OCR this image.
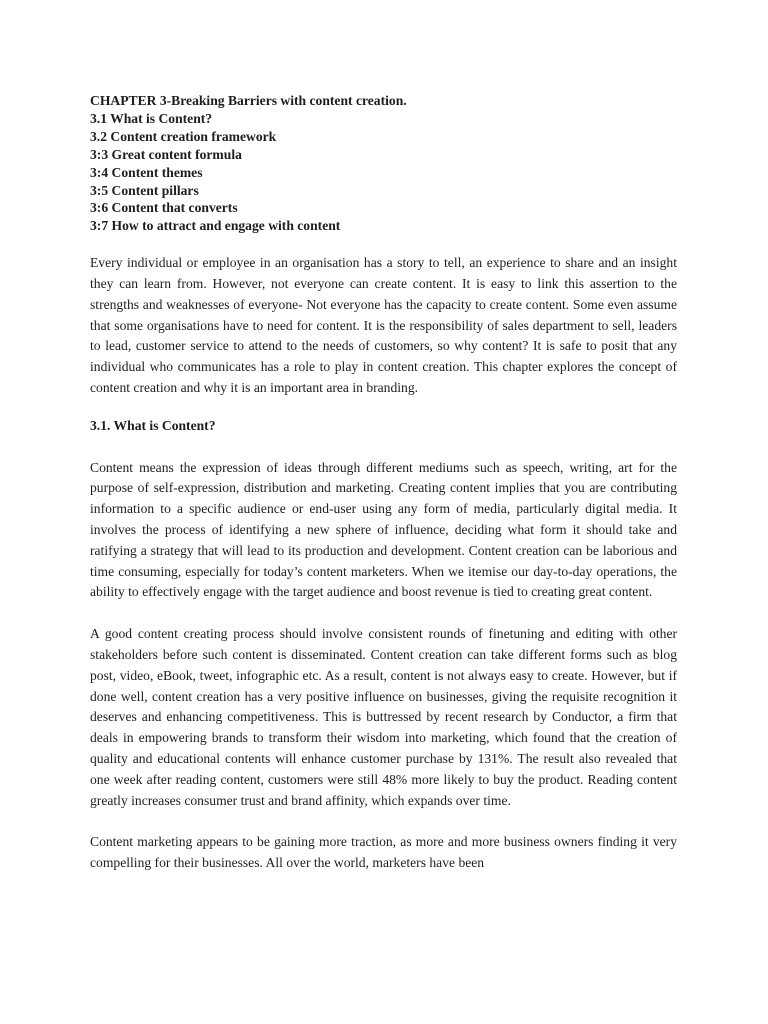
CHAPTER 3-Breaking Barriers with content creation.
3.1 What is Content?
3.2 Content creation framework
3:3 Great content formula
3:4 Content themes
3:5 Content pillars
3:6 Content that converts
3:7 How to attract and engage with content

Every individual or employee in an organisation has a story to tell, an experience to share and an insight they can learn from. However, not everyone can create content. It is easy to link this assertion to the strengths and weaknesses of everyone- Not everyone has the capacity to create content. Some even assume that some organisations have to need for content. It is the responsibility of sales department to sell, leaders to lead, customer service to attend to the needs of customers, so why content? It is safe to posit that any individual who communicates has a role to play in content creation. This chapter explores the concept of content creation and why it is an important area in branding.

3.1. What is Content?

Content means the expression of ideas through different mediums such as speech, writing, art for the purpose of self-expression, distribution and marketing. Creating content implies that you are contributing information to a specific audience or end-user using any form of media, particularly digital media. It involves the process of identifying a new sphere of influence, deciding what form it should take and ratifying a strategy that will lead to its production and development. Content creation can be laborious and time consuming, especially for today’s content marketers. When we itemise our day-to-day operations, the ability to effectively engage with the target audience and boost revenue is tied to creating great content.

A good content creating process should involve consistent rounds of finetuning and editing with other stakeholders before such content is disseminated. Content creation can take different forms such as blog post, video, eBook, tweet, infographic etc. As a result, content is not always easy to create. However, but if done well, content creation has a very positive influence on businesses, giving the requisite recognition it deserves and enhancing competitiveness. This is buttressed by recent research by Conductor, a firm that deals in empowering brands to transform their wisdom into marketing, which found that the creation of quality and educational contents will enhance customer purchase by 131%. The result also revealed that one week after reading content, customers were still 48% more likely to buy the product. Reading content greatly increases consumer trust and brand affinity, which expands over time.

Content marketing appears to be gaining more traction, as more and more business owners finding it very compelling for their businesses. All over the world, marketers have been
